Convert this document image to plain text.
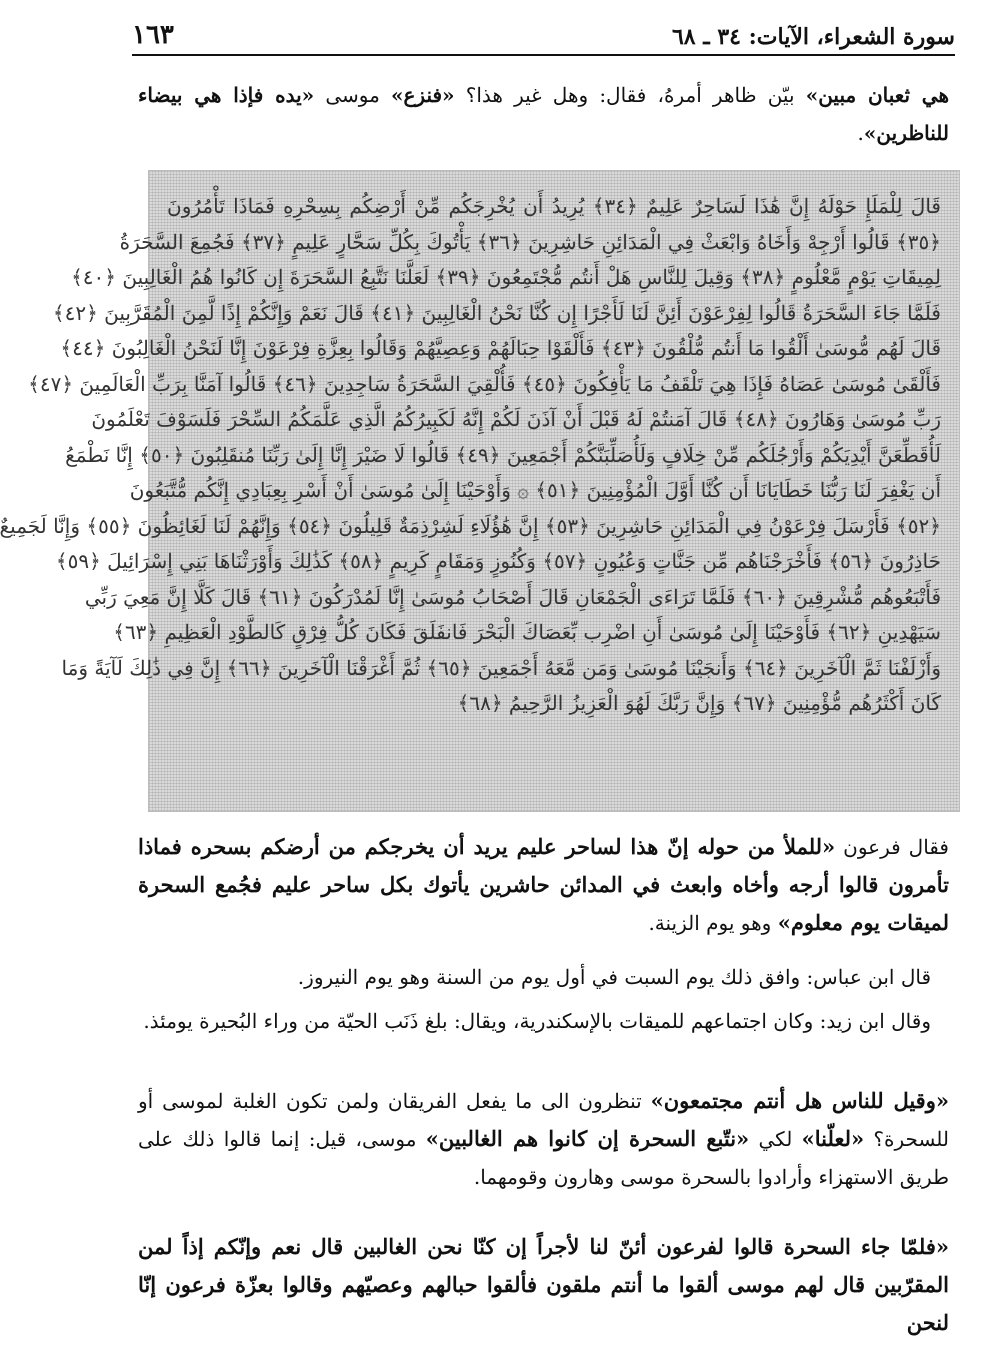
سورة الشعراء، الآيات: ٣٤ ـ ٦٨
١٦٣

هي ثعبان مبين» بيّن ظاهر أمرهُ، فقال: وهل غير هذا؟ «فنزع» موسى «يده فإذا هي بيضاء للناظرين».

قَالَ لِلْمَلَإِ حَوْلَهُ إِنَّ هَٰذَا لَسَاحِرٌ عَلِيمٌ ﴿٣٤﴾ يُرِيدُ أَن يُخْرِجَكُم مِّنْ أَرْضِكُم بِسِحْرِهِ فَمَاذَا تَأْمُرُونَ
﴿٣٥﴾ قَالُوا أَرْجِهْ وَأَخَاهُ وَابْعَثْ فِي الْمَدَائِنِ حَاشِرِينَ ﴿٣٦﴾ يَأْتُوكَ بِكُلِّ سَحَّارٍ عَلِيمٍ ﴿٣٧﴾ فَجُمِعَ السَّحَرَةُ
لِمِيقَاتِ يَوْمٍ مَّعْلُومٍ ﴿٣٨﴾ وَقِيلَ لِلنَّاسِ هَلْ أَنتُم مُّجْتَمِعُونَ ﴿٣٩﴾ لَعَلَّنَا نَتَّبِعُ السَّحَرَةَ إِن كَانُوا هُمُ الْغَالِبِينَ ﴿٤٠﴾
فَلَمَّا جَاءَ السَّحَرَةُ قَالُوا لِفِرْعَوْنَ أَئِنَّ لَنَا لَأَجْرًا إِن كُنَّا نَحْنُ الْغَالِبِينَ ﴿٤١﴾ قَالَ نَعَمْ وَإِنَّكُمْ إِذًا لَّمِنَ الْمُقَرَّبِينَ ﴿٤٢﴾
قَالَ لَهُم مُّوسَىٰ أَلْقُوا مَا أَنتُم مُّلْقُونَ ﴿٤٣﴾ فَأَلْقَوْا حِبَالَهُمْ وَعِصِيَّهُمْ وَقَالُوا بِعِزَّةِ فِرْعَوْنَ إِنَّا لَنَحْنُ الْغَالِبُونَ ﴿٤٤﴾
فَأَلْقَىٰ مُوسَىٰ عَصَاهُ فَإِذَا هِيَ تَلْقَفُ مَا يَأْفِكُونَ ﴿٤٥﴾ فَأُلْقِيَ السَّحَرَةُ سَاجِدِينَ ﴿٤٦﴾ قَالُوا آمَنَّا بِرَبِّ الْعَالَمِينَ ﴿٤٧﴾
رَبِّ مُوسَىٰ وَهَارُونَ ﴿٤٨﴾ قَالَ آمَنتُمْ لَهُ قَبْلَ أَنْ آذَنَ لَكُمْ إِنَّهُ لَكَبِيرُكُمُ الَّذِي عَلَّمَكُمُ السِّحْرَ فَلَسَوْفَ تَعْلَمُونَ
لَأُقَطِّعَنَّ أَيْدِيَكُمْ وَأَرْجُلَكُم مِّنْ خِلَافٍ وَلَأُصَلِّبَنَّكُمْ أَجْمَعِينَ ﴿٤٩﴾ قَالُوا لَا ضَيْرَ إِنَّا إِلَىٰ رَبِّنَا مُنقَلِبُونَ ﴿٥٠﴾ إِنَّا نَطْمَعُ
أَن يَغْفِرَ لَنَا رَبُّنَا خَطَايَانَا أَن كُنَّا أَوَّلَ الْمُؤْمِنِينَ ﴿٥١﴾ ۞ وَأَوْحَيْنَا إِلَىٰ مُوسَىٰ أَنْ أَسْرِ بِعِبَادِي إِنَّكُم مُّتَّبَعُونَ
﴿٥٢﴾ فَأَرْسَلَ فِرْعَوْنُ فِي الْمَدَائِنِ حَاشِرِينَ ﴿٥٣﴾ إِنَّ هَٰؤُلَاءِ لَشِرْذِمَةٌ قَلِيلُونَ ﴿٥٤﴾ وَإِنَّهُمْ لَنَا لَغَائِظُونَ ﴿٥٥﴾ وَإِنَّا لَجَمِيعٌ
حَاذِرُونَ ﴿٥٦﴾ فَأَخْرَجْنَاهُم مِّن جَنَّاتٍ وَعُيُونٍ ﴿٥٧﴾ وَكُنُوزٍ وَمَقَامٍ كَرِيمٍ ﴿٥٨﴾ كَذَٰلِكَ وَأَوْرَثْنَاهَا بَنِي إِسْرَائِيلَ ﴿٥٩﴾
فَأَتْبَعُوهُم مُّشْرِقِينَ ﴿٦٠﴾ فَلَمَّا تَرَاءَى الْجَمْعَانِ قَالَ أَصْحَابُ مُوسَىٰ إِنَّا لَمُدْرَكُونَ ﴿٦١﴾ قَالَ كَلَّا إِنَّ مَعِيَ رَبِّي
سَيَهْدِينِ ﴿٦٢﴾ فَأَوْحَيْنَا إِلَىٰ مُوسَىٰ أَنِ اضْرِب بِّعَصَاكَ الْبَحْرَ فَانفَلَقَ فَكَانَ كُلُّ فِرْقٍ كَالطَّوْدِ الْعَظِيمِ ﴿٦٣﴾
وَأَزْلَفْنَا ثَمَّ الْآخَرِينَ ﴿٦٤﴾ وَأَنجَيْنَا مُوسَىٰ وَمَن مَّعَهُ أَجْمَعِينَ ﴿٦٥﴾ ثُمَّ أَغْرَقْنَا الْآخَرِينَ ﴿٦٦﴾ إِنَّ فِي ذَٰلِكَ لَآيَةً وَمَا
كَانَ أَكْثَرُهُم مُّؤْمِنِينَ ﴿٦٧﴾ وَإِنَّ رَبَّكَ لَهُوَ الْعَزِيزُ الرَّحِيمُ ﴿٦٨﴾

فقال فرعون «للملأ من حوله إنّ هذا لساحر عليم يريد أن يخرجكم من أرضكم بسحره فماذا تأمرون قالوا أرجه وأخاه وابعث في المدائن حاشرين يأتوك بكل ساحر عليم فجُمع السحرة لميقات يوم معلوم» وهو يوم الزينة.

قال ابن عباس: وافق ذلك يوم السبت في أول يوم من السنة وهو يوم النيروز.

وقال ابن زيد: وكان اجتماعهم للميقات بالإسكندرية، ويقال: بلغ ذَنَب الحيّة من وراء البُحيرة يومئذ.

«وقيل للناس هل أنتم مجتمعون» تنظرون الى ما يفعل الفريقان ولمن تكون الغلبة لموسى أو للسحرة؟ «لعلّنا» لكي «نتّبع السحرة إن كانوا هم الغالبين» موسى، قيل: إنما قالوا ذلك على طريق الاستهزاء وأرادوا بالسحرة موسى وهارون وقومهما.

«فلمّا جاء السحرة قالوا لفرعون أئنّ لنا لأجراً إن كنّا نحن الغالبين قال نعم وإنّكم إذاً لمن المقرّبين قال لهم موسى ألقوا ما أنتم ملقون فألقوا حبالهم وعصيّهم وقالوا بعزّة فرعون إنّا لنحن
